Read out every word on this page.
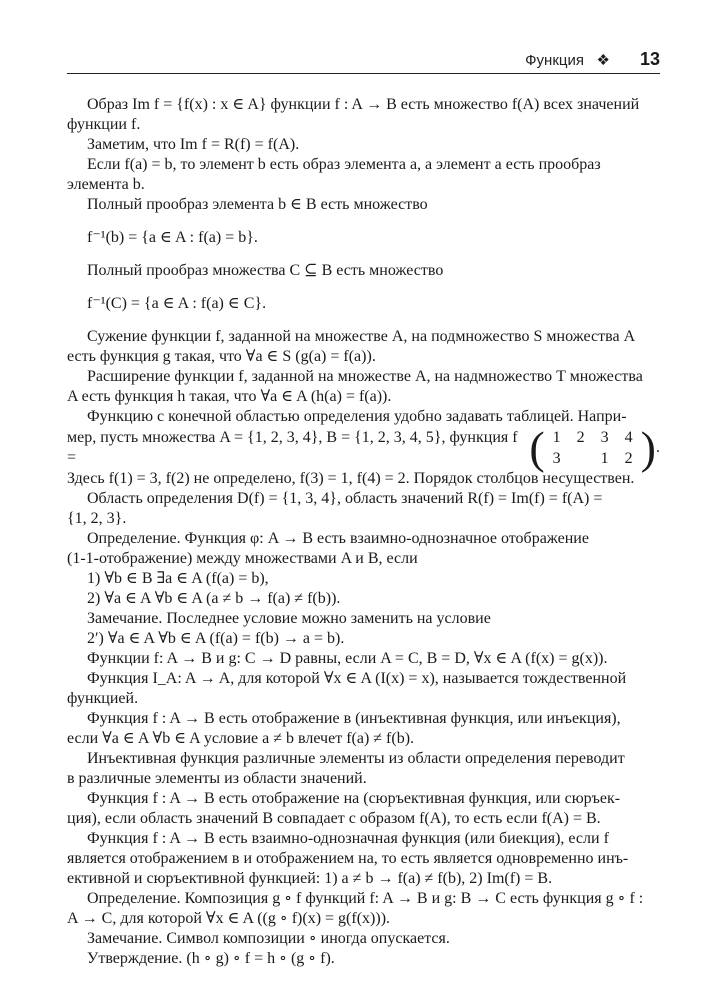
Функция ❖ 13

Образ Im f = {f(x) : x ∈ A} функции f : A → B есть множество f(A) всех значений

функции f.

Заметим, что Im f = R(f) = f(A).

Если f(a) = b, то элемент b есть образ элемента a, а элемент a есть прообраз

элемента b.

Полный прообраз элемента b ∈ B есть множество

f⁻¹(b) = {a ∈ A : f(a) = b}.

Полный прообраз множества C ⊆ B есть множество

f⁻¹(C) = {a ∈ A : f(a) ∈ C}.

Сужение функции f, заданной на множестве A, на подмножество S множества A

есть функция g такая, что ∀a ∈ S (g(a) = f(a)).

Расширение функции f, заданной на множестве A, на надмножество T множества

A есть функция h такая, что ∀a ∈ A (h(a) = f(a)).

Функцию с конечной областью определения удобно задавать таблицей. Напри-

мер, пусть множества A = {1, 2, 3, 4}, B = {1, 2, 3, 4, 5}, функция f =	( 1	2	3	4
3		1	2 ) .

Здесь f(1) = 3, f(2) не определено, f(3) = 1, f(4) = 2. Порядок столбцов несуществен.

Область определения D(f) = {1, 3, 4}, область значений R(f) = Im(f) = f(A) =

{1, 2, 3}.

Определение. Функция φ: A → B есть взаимно-однозначное отображение

(1-1-отображение) между множествами A и B, если

1) ∀b ∈ B ∃a ∈ A (f(a) = b),

2) ∀a ∈ A ∀b ∈ A (a ≠ b → f(a) ≠ f(b)).

Замечание. Последнее условие можно заменить на условие

2′) ∀a ∈ A ∀b ∈ A (f(a) = f(b) → a = b).

Функции f: A → B и g: C → D равны, если A = C, B = D, ∀x ∈ A (f(x) = g(x)).

Функция I_A: A → A, для которой ∀x ∈ A (I(x) = x), называется тождественной

функцией.

Функция f : A → B есть отображение в (инъективная функция, или инъекция),

если ∀a ∈ A ∀b ∈ A условие a ≠ b влечет f(a) ≠ f(b).

Инъективная функция различные элементы из области определения переводит

в различные элементы из области значений.

Функция f : A → B есть отображение на (сюръективная функция, или сюръек-

ция), если область значений B совпадает с образом f(A), то есть если f(A) = B.

Функция f : A → B есть взаимно-однозначная функция (или биекция), если f

является отображением в и отображением на, то есть является одновременно инъ-

ективной и сюръективной функцией: 1) a ≠ b → f(a) ≠ f(b), 2) Im(f) = B.

Определение. Композиция g ∘ f функций f: A → B и g: B → C есть функция g ∘ f :

A → C, для которой ∀x ∈ A ((g ∘ f)(x) = g(f(x))).

Замечание. Символ композиции ∘ иногда опускается.

Утверждение. (h ∘ g) ∘ f = h ∘ (g ∘ f).
